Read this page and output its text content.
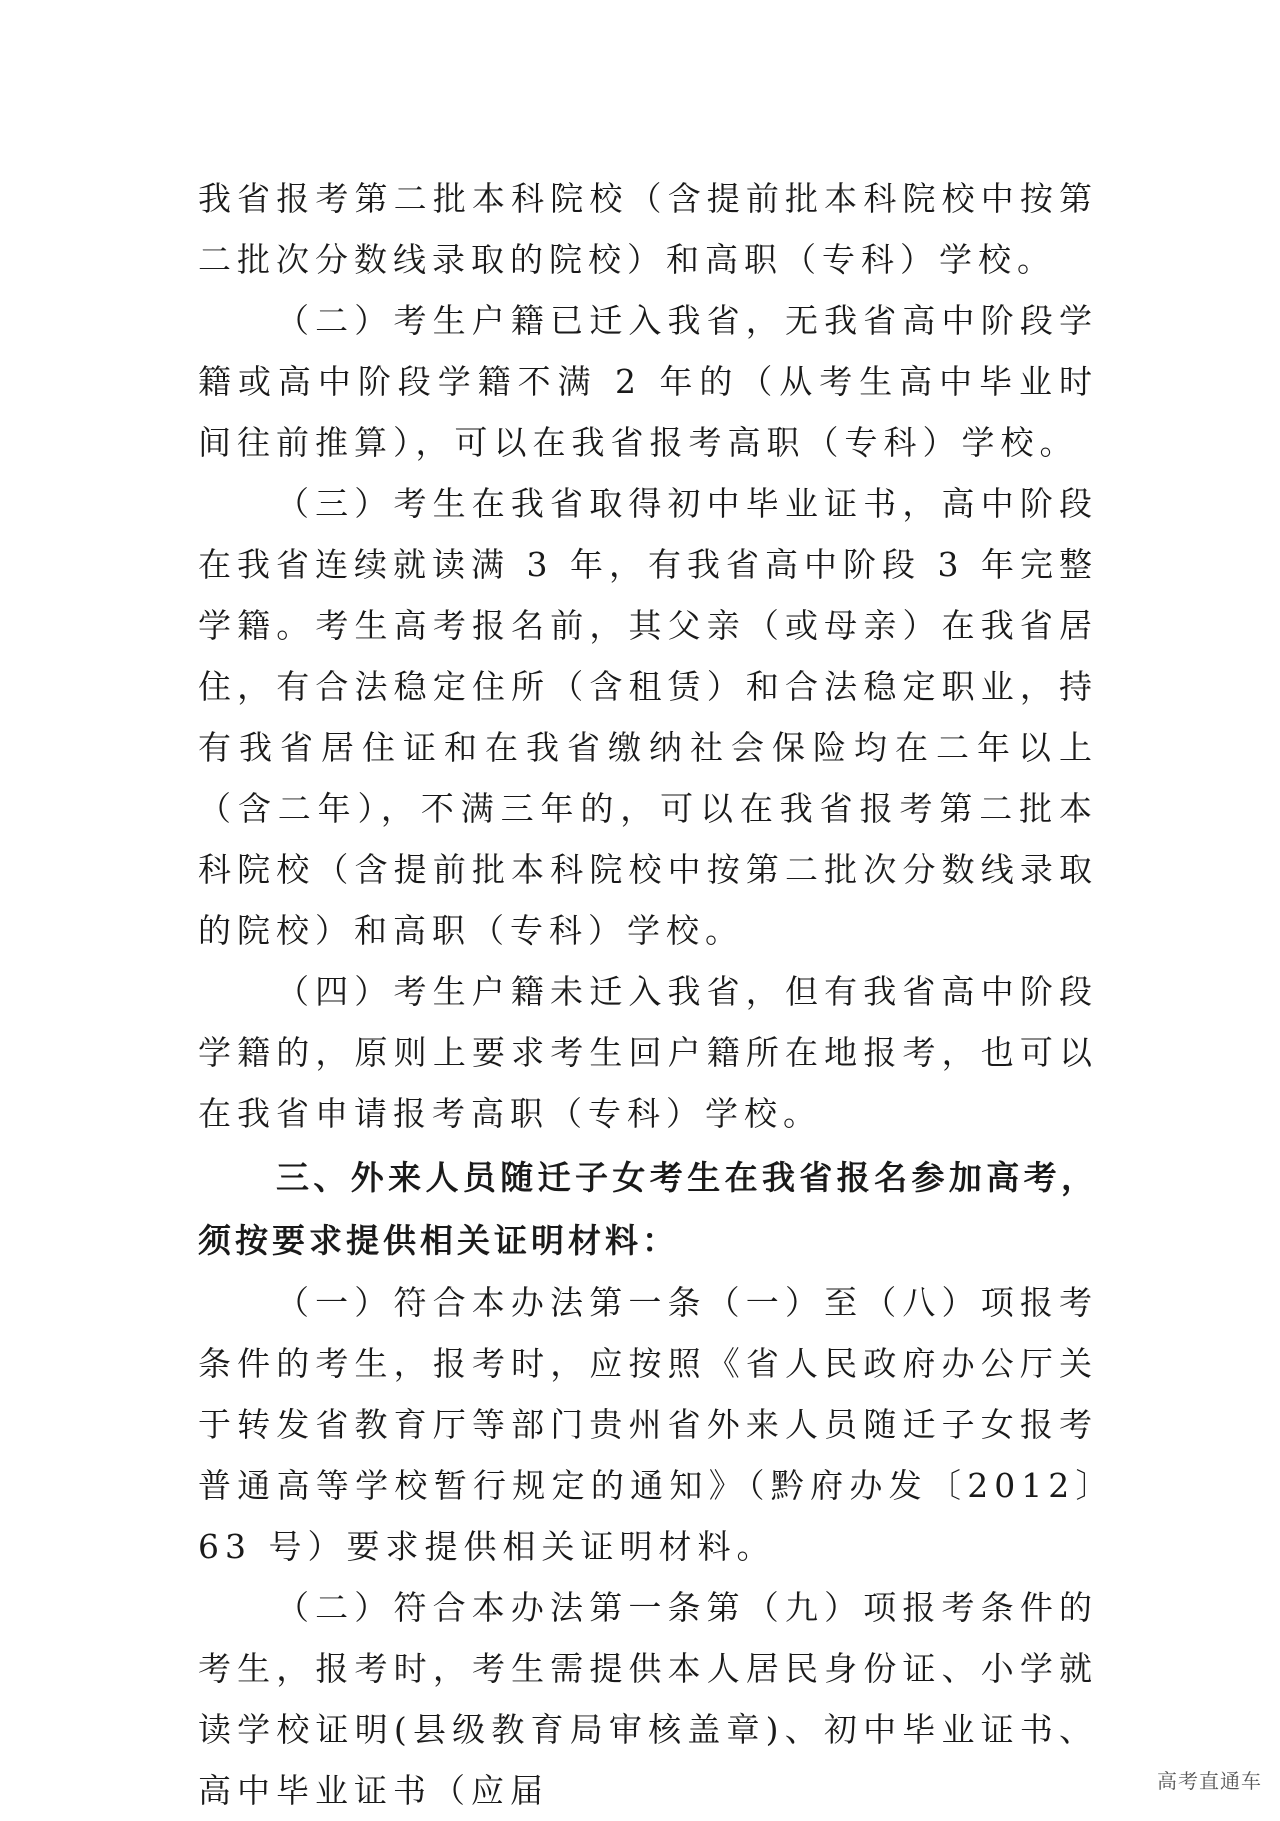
我省报考第二批本科院校（含提前批本科院校中按第二批次分数线录取的院校）和高职（专科）学校。

（二）考生户籍已迁入我省，无我省高中阶段学籍或高中阶段学籍不满 2 年的（从考生高中毕业时间往前推算），可以在我省报考高职（专科）学校。

（三）考生在我省取得初中毕业证书，高中阶段在我省连续就读满 3 年，有我省高中阶段 3 年完整学籍。考生高考报名前，其父亲（或母亲）在我省居住，有合法稳定住所（含租赁）和合法稳定职业，持有我省居住证和在我省缴纳社会保险均在二年以上（含二年），不满三年的，可以在我省报考第二批本科院校（含提前批本科院校中按第二批次分数线录取的院校）和高职（专科）学校。

（四）考生户籍未迁入我省，但有我省高中阶段学籍的，原则上要求考生回户籍所在地报考，也可以在我省申请报考高职（专科）学校。

三、外来人员随迁子女考生在我省报名参加高考，须按要求提供相关证明材料：

（一）符合本办法第一条（一）至（八）项报考条件的考生，报考时，应按照《省人民政府办公厅关于转发省教育厅等部门贵州省外来人员随迁子女报考普通高等学校暂行规定的通知》（黔府办发〔2012〕63 号）要求提供相关证明材料。

（二）符合本办法第一条第（九）项报考条件的考生，报考时，考生需提供本人居民身份证、小学就读学校证明(县级教育局审核盖章)、初中毕业证书、高中毕业证书（应届	高考直通车
